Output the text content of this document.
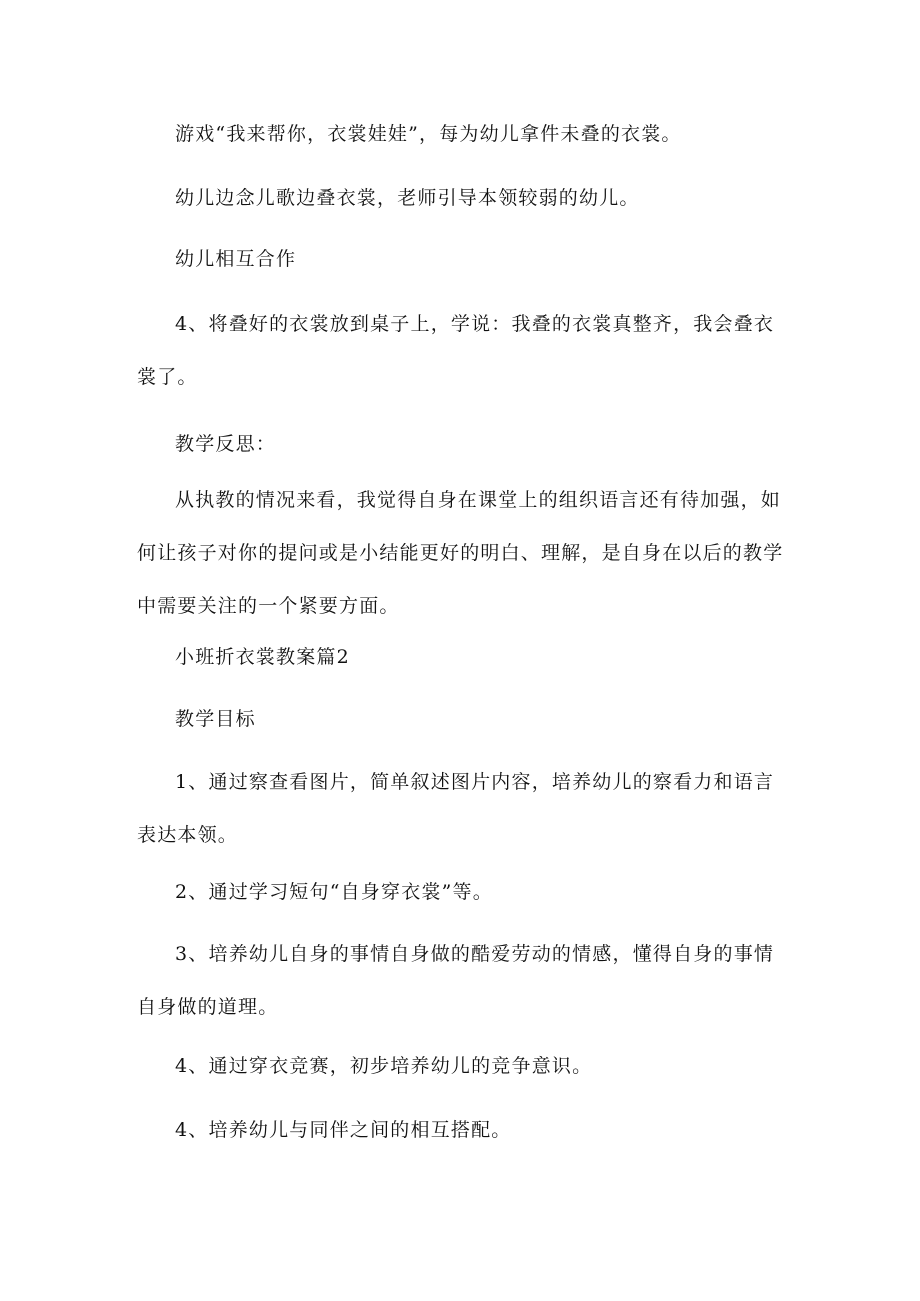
游戏“我来帮你，衣裳娃娃”，每为幼儿拿件未叠的衣裳。

幼儿边念儿歌边叠衣裳，老师引导本领较弱的幼儿。

幼儿相互合作

4、将叠好的衣裳放到桌子上，学说：我叠的衣裳真整齐，我会叠衣裳了。

教学反思：

从执教的情况来看，我觉得自身在课堂上的组织语言还有待加强，如何让孩子对你的提问或是小结能更好的明白、理解，是自身在以后的教学中需要关注的一个紧要方面。

小班折衣裳教案篇2

教学目标

1、通过察查看图片，简单叙述图片内容，培养幼儿的察看力和语言表达本领。

2、通过学习短句“自身穿衣裳”等。

3、培养幼儿自身的事情自身做的酷爱劳动的情感，懂得自身的事情自身做的道理。

4、通过穿衣竞赛，初步培养幼儿的竞争意识。

4、培养幼儿与同伴之间的相互搭配。
